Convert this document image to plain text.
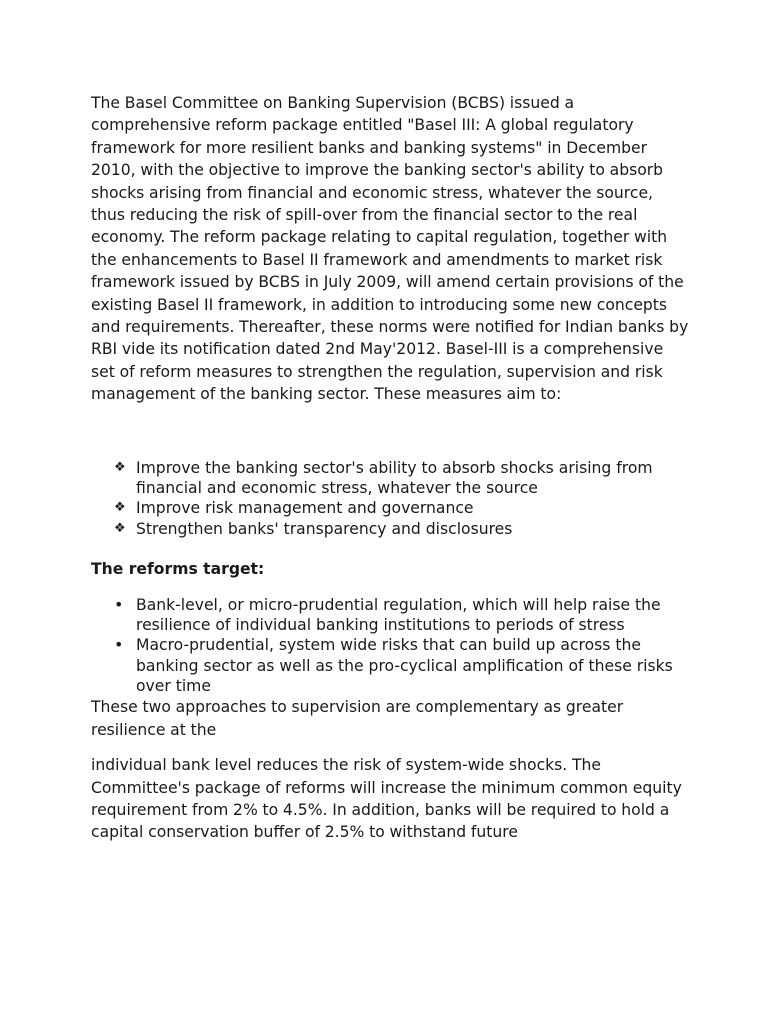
The Basel Committee on Banking Supervision (BCBS) issued a comprehensive reform package entitled "Basel III: A global regulatory framework for more resilient banks and banking systems" in December 2010, with the objective to improve the banking sector's ability to absorb shocks arising from financial and economic stress, whatever the source, thus reducing the risk of spill-over from the financial sector to the real economy. The reform package relating to capital regulation, together with the enhancements to Basel II framework and amendments to market risk framework issued by BCBS in July 2009, will amend certain provisions of the existing Basel II framework, in addition to introducing some new concepts and requirements. Thereafter, these norms were notified for Indian banks by RBI vide its notification dated 2nd May'2012. Basel-III is a comprehensive set of reform measures to strengthen the regulation, supervision and risk management of the banking sector. These measures aim to:

❖ Improve the banking sector's ability to absorb shocks arising from financial and economic stress, whatever the source
❖ Improve risk management and governance
❖ Strengthen banks' transparency and disclosures
The reforms target:
• Bank-level, or micro-prudential regulation, which will help raise the resilience of individual banking institutions to periods of stress
• Macro-prudential, system wide risks that can build up across the banking sector as well as the pro-cyclical amplification of these risks over time

These two approaches to supervision are complementary as greater resilience at the

individual bank level reduces the risk of system-wide shocks. The Committee's package of reforms will increase the minimum common equity requirement from 2% to 4.5%. In addition, banks will be required to hold a capital conservation buffer of 2.5% to withstand future
